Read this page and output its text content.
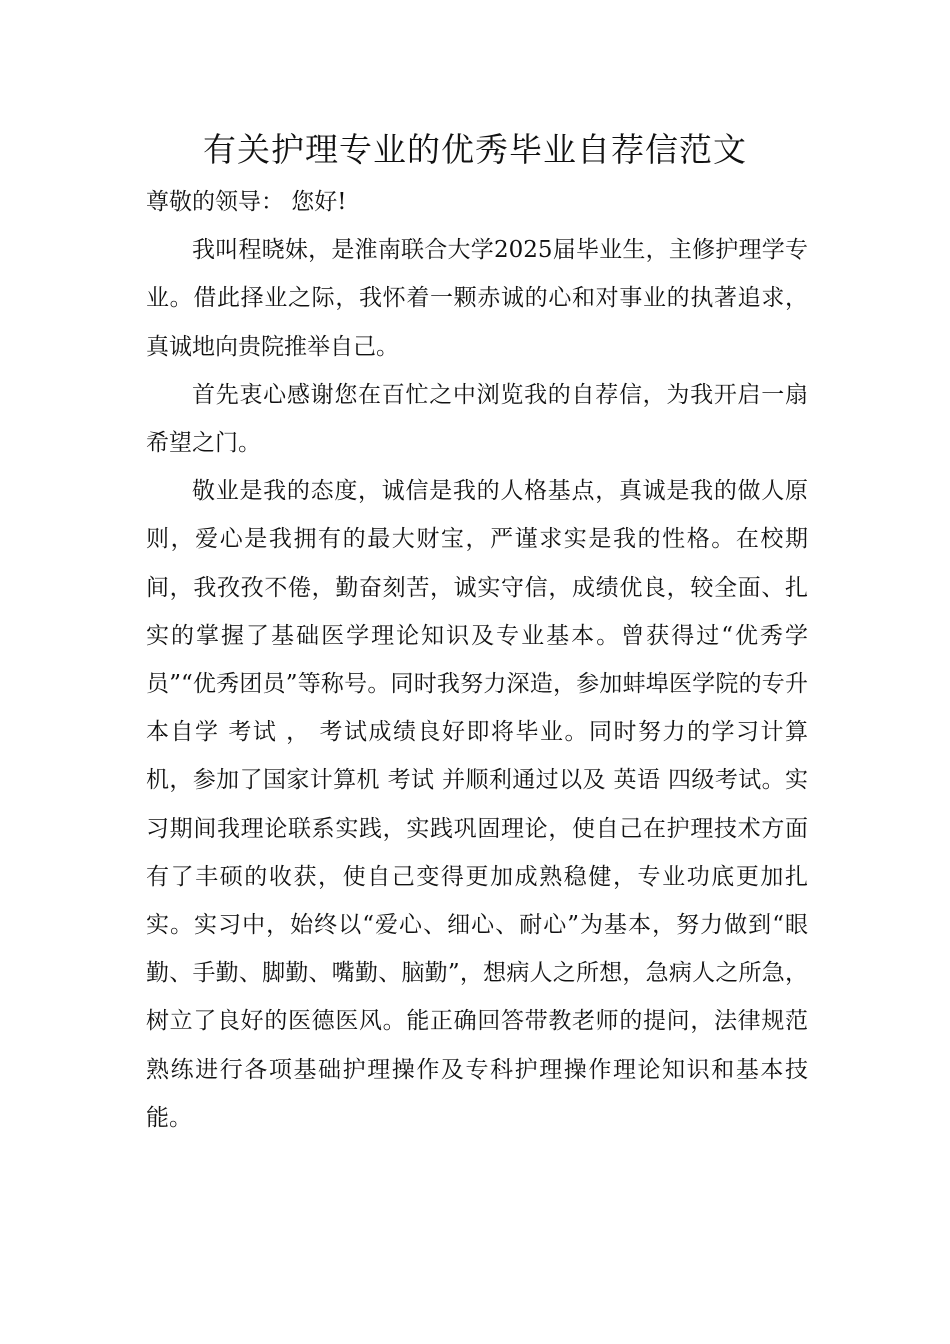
有关护理专业的优秀毕业自荐信范文

尊敬的领导： 您好!

我叫程晓妹，是淮南联合大学2025届毕业生，主修护理学专业。借此择业之际，我怀着一颗赤诚的心和对事业的执著追求，真诚地向贵院推举自己。

首先衷心感谢您在百忙之中浏览我的自荐信，为我开启一扇希望之门。

敬业是我的态度，诚信是我的人格基点，真诚是我的做人原则，爱心是我拥有的最大财宝，严谨求实是我的性格。在校期间，我孜孜不倦，勤奋刻苦，诚实守信，成绩优良，较全面、扎实的掌握了基础医学理论知识及专业基本。曾获得过“优秀学员”“优秀团员”等称号。同时我努力深造，参加蚌埠医学院的专升本自学 考试 ， 考试成绩良好即将毕业。同时努力的学习计算机，参加了国家计算机 考试 并顺利通过以及 英语 四级考试。实习期间我理论联系实践，实践巩固理论，使自己在护理技术方面有了丰硕的收获，使自己变得更加成熟稳健，专业功底更加扎实。实习中，始终以“爱心、细心、耐心”为基本，努力做到“眼勤、手勤、脚勤、嘴勤、脑勤”，想病人之所想，急病人之所急，树立了良好的医德医风。能正确回答带教老师的提问，法律规范熟练进行各项基础护理操作及专科护理操作理论知识和基本技能。
